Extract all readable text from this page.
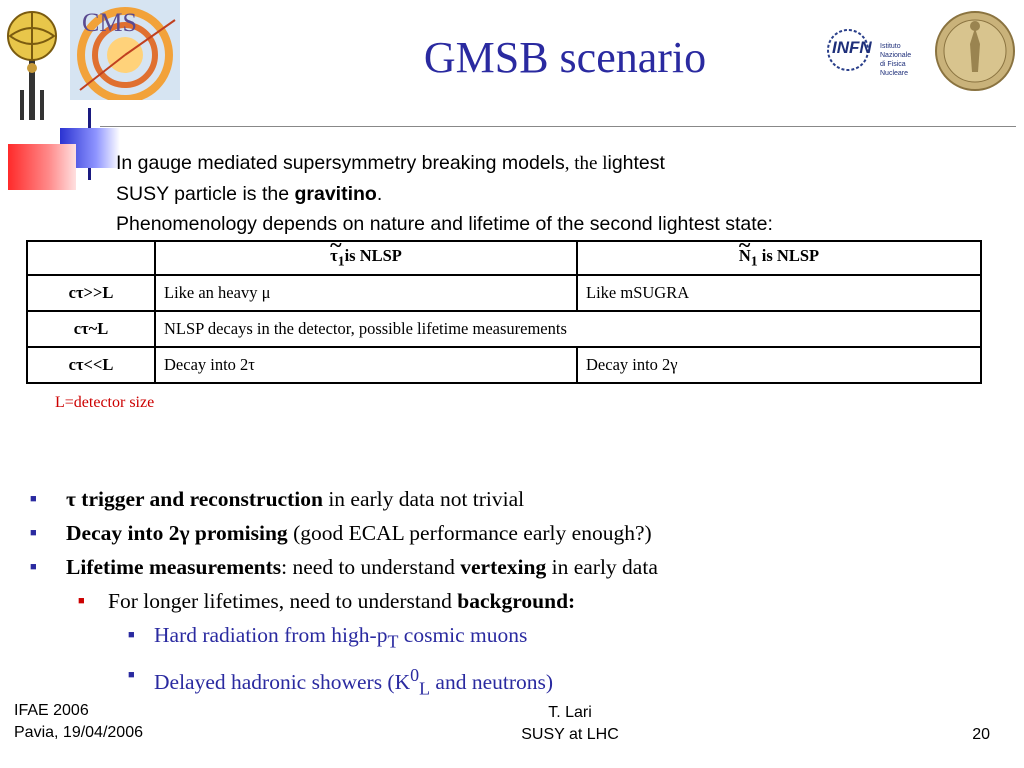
CMS
GMSB scenario	INFN Istituto Nazionale
di Fisica Nucleare
In gauge mediated supersymmetry breaking models, the lightest
SUSY particle is the gravitino.
Phenomenology depends on nature and lifetime of the second lightest state:
	~ $\tau_1is$ NLSP	~ $N_1$ is NLSP
cτ>>L	Like an heavy μ	Like mSUGRA
cτ~L	NLSP decays in the detector, possible lifetime measurements	
cτ<<L	Decay into 2τ	Decay into 2γ
L=detector size
■ τ trigger and reconstruction in early data not trivial
■ Decay into 2γ promising (good ECAL performance early enough?)
■ Lifetime measurements: need to understand vertexing in early data
■ For longer lifetimes, need to understand background:
■ Hard radiation from high-$p_T$ cosmic muons
■ Delayed hadronic showers ($K^0_L$ and neutrons)
IFAE 2006
Pavia, 19/04/2006
T. Lari
SUSY at LHC	20
